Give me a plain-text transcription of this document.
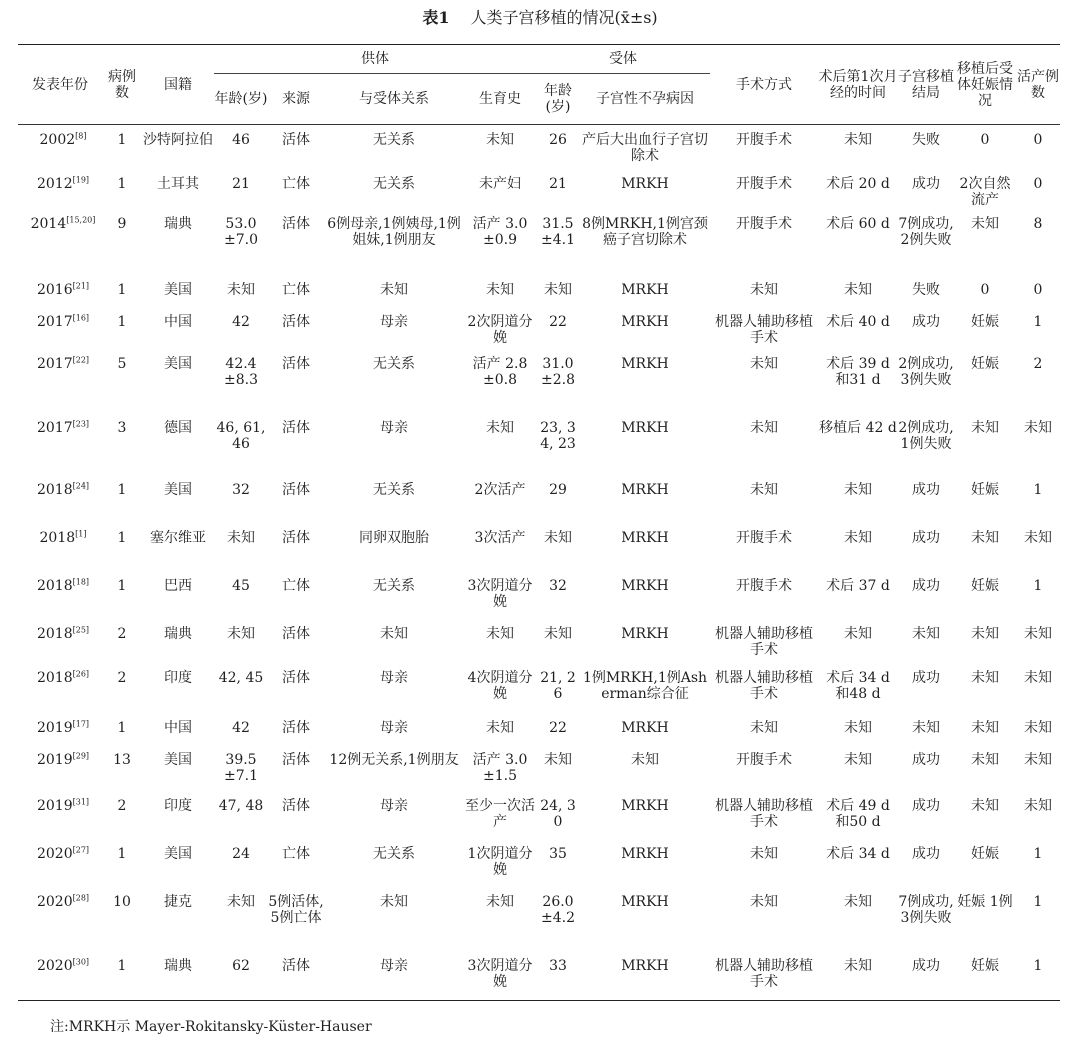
表1 人类子宫移植的情况(x̄±s)
发表年份	病例数	国籍	供体				受体		手术方式	术后第1次月经的时间	子宫移植结局	移植后受体妊娠情况	活产例数
			年龄(岁)	来源	与受体关系	生育史	年龄(岁)	子宫性不孕病因					
2002[8]	1	沙特阿拉伯	46	活体	无关系	未知	26	产后大出血行子宫切除术	开腹手术	未知	失败	0	0
2012[19]	1	土耳其	21	亡体	无关系	未产妇	21	MRKH	开腹手术	术后 20 d	成功	2次自然流产	0
2014[15,20]	9	瑞典	53.0 ±7.0	活体	6例母亲,1例姨母,1例姐妹,1例朋友	活产 3.0±0.9	31.5 ±4.1	8例MRKH,1例宫颈癌子宫切除术	开腹手术	术后 60 d	7例成功,2例失败	未知	8
2016[21]	1	美国	未知	亡体	未知	未知	未知	MRKH	未知	未知	失败	0	0
2017[16]	1	中国	42	活体	母亲	2次阴道分娩	22	MRKH	机器人辅助移植手术	术后 40 d	成功	妊娠	1
2017[22]	5	美国	42.4 ±8.3	活体	无关系	活产 2.8±0.8	31.0 ±2.8	MRKH	未知	术后 39 d 和31 d	2例成功,3例失败	妊娠	2
2017[23]	3	德国	46, 61, 46	活体	母亲	未知	23, 34, 23	MRKH	未知	移植后 42 d	2例成功,1例失败	未知	未知
2018[24]	1	美国	32	活体	无关系	2次活产	29	MRKH	未知	未知	成功	妊娠	1
2018[1]	1	塞尔维亚	未知	活体	同卵双胞胎	3次活产	未知	MRKH	开腹手术	未知	成功	未知	未知
2018[18]	1	巴西	45	亡体	无关系	3次阴道分娩	32	MRKH	开腹手术	术后 37 d	成功	妊娠	1
2018[25]	2	瑞典	未知	活体	未知	未知	未知	MRKH	机器人辅助移植手术	未知	未知	未知	未知
2018[26]	2	印度	42, 45	活体	母亲	4次阴道分娩	21, 26	1例MRKH,1例Asherman综合征	机器人辅助移植手术	术后 34 d 和48 d	成功	未知	未知
2019[17]	1	中国	42	活体	母亲	未知	22	MRKH	未知	未知	未知	未知	未知
2019[29]	13	美国	39.5 ±7.1	活体	12例无关系,1例朋友	活产 3.0±1.5	未知	未知	开腹手术	未知	成功	未知	未知
2019[31]	2	印度	47, 48	活体	母亲	至少一次活产	24, 30	MRKH	机器人辅助移植手术	术后 49 d 和50 d	成功	未知	未知
2020[27]	1	美国	24	亡体	无关系	1次阴道分娩	35	MRKH	未知	术后 34 d	成功	妊娠	1
2020[28]	10	捷克	未知	5例活体,5例亡体	未知	未知	26.0 ±4.2	MRKH	未知	未知	7例成功,3例失败	妊娠 1例	1
2020[30]	1	瑞典	62	活体	母亲	3次阴道分娩	33	MRKH	机器人辅助移植手术	未知	成功	妊娠	1
注:MRKH示 Mayer-Rokitansky-Küster-Hauser
